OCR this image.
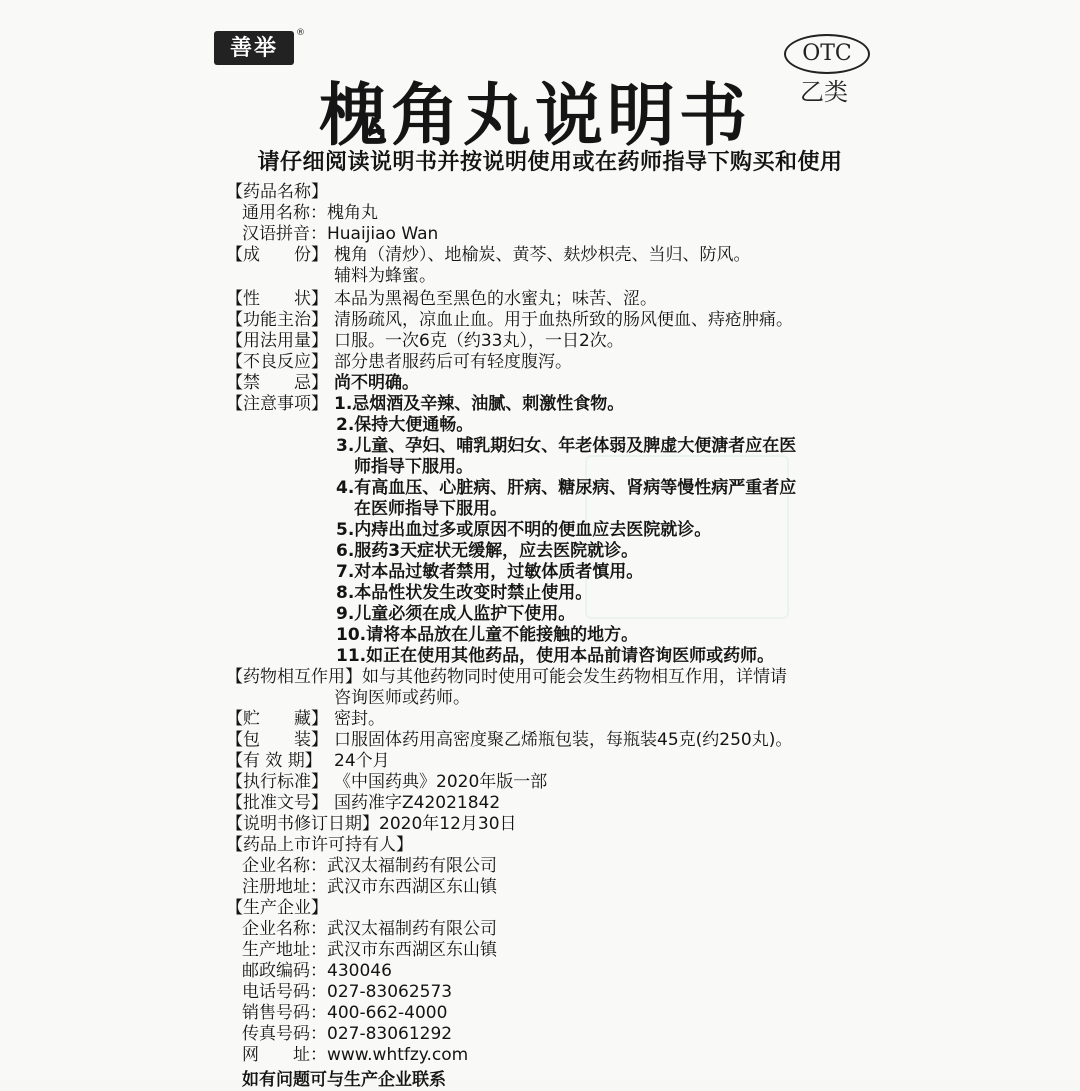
善举
®
OTC
乙类
槐角丸说明书
请仔细阅读说明书并按说明使用或在药师指导下购买和使用
【药品名称】
通用名称：槐角丸
汉语拼音：Huaijiao Wan
【成　　份】 槐角（清炒）、地榆炭、黄芩、麸炒枳壳、当归、防风。
辅料为蜂蜜。
【性　　状】 本品为黑褐色至黑色的水蜜丸；味苦、涩。
【功能主治】 清肠疏风，凉血止血。用于血热所致的肠风便血、痔疮肿痛。
【用法用量】 口服。一次6克（约33丸），一日2次。
【不良反应】 部分患者服药后可有轻度腹泻。
【禁　　忌】 尚不明确。
【注意事项】 1.忌烟酒及辛辣、油腻、刺激性食物。
2.保持大便通畅。
3.儿童、孕妇、哺乳期妇女、年老体弱及脾虚大便溏者应在医
师指导下服用。
4.有高血压、心脏病、肝病、糖尿病、肾病等慢性病严重者应
在医师指导下服用。
5.内痔出血过多或原因不明的便血应去医院就诊。
6.服药3天症状无缓解，应去医院就诊。
7.对本品过敏者禁用，过敏体质者慎用。
8.本品性状发生改变时禁止使用。
9.儿童必须在成人监护下使用。
10.请将本品放在儿童不能接触的地方。
11.如正在使用其他药品，使用本品前请咨询医师或药师。
【药物相互作用】如与其他药物同时使用可能会发生药物相互作用，详情请
咨询医师或药师。
【贮　　藏】 密封。
【包　　装】 口服固体药用高密度聚乙烯瓶包装，每瓶装45克(约250丸)。
【有 效 期】 24个月
【执行标准】 《中国药典》2020年版一部
【批准文号】 国药准字Z42021842
【说明书修订日期】2020年12月30日
【药品上市许可持有人】
企业名称：武汉太福制药有限公司
注册地址：武汉市东西湖区东山镇
【生产企业】
企业名称：武汉太福制药有限公司
生产地址：武汉市东西湖区东山镇
邮政编码：430046
电话号码：027-83062573
销售号码：400-662-4000
传真号码：027-83061292
网　　址：www.whtfzy.com
如有问题可与生产企业联系
